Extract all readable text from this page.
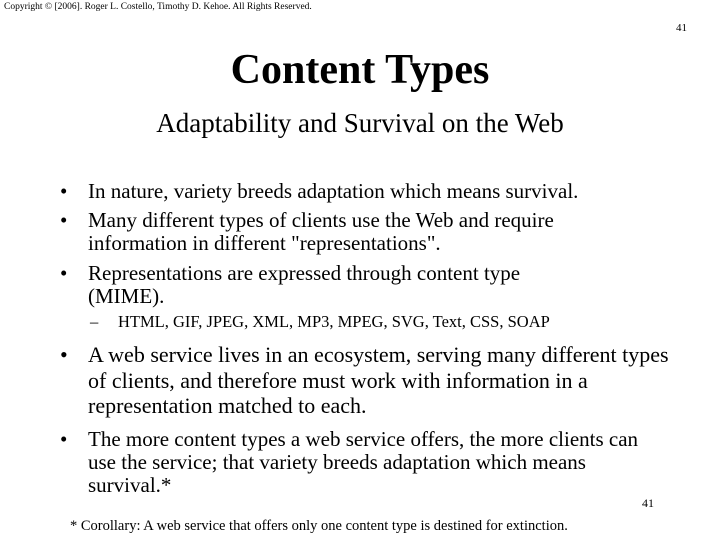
Copyright © [2006]. Roger L. Costello, Timothy D. Kehoe. All Rights Reserved.
41
Content Types
Adaptability and Survival on the Web
• In nature, variety breeds adaptation which means survival.
• Many different types of clients use the Web and require information in different "representations".
• Representations are expressed through content type (MIME).
• A web service lives in an ecosystem, serving many different types of clients, and therefore must work with information in a representation matched to each.
• The more content types a web service offers, the more clients can use the service; that variety breeds adaptation which means survival.*
– HTML, GIF, JPEG, XML, MP3, MPEG, SVG, Text, CSS, SOAP
41
* Corollary: A web service that offers only one content type is destined for extinction.
